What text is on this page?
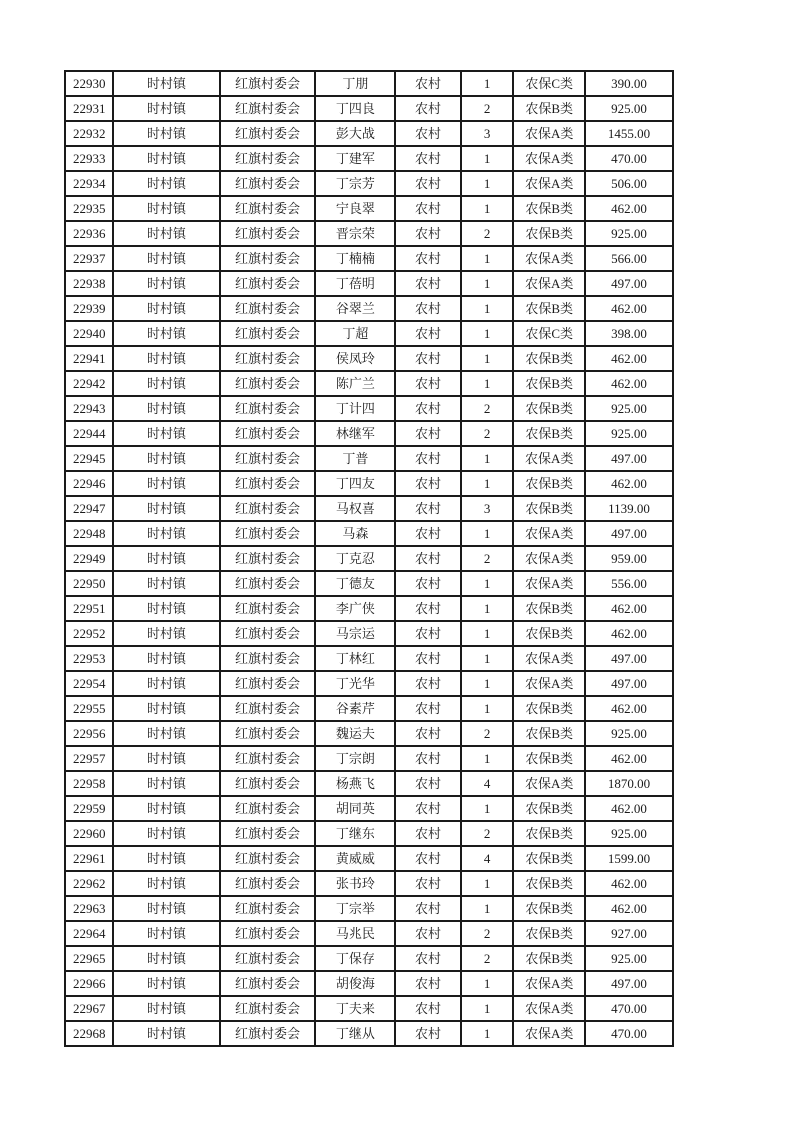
22930	时村镇	红旗村委会	丁朋	农村	1	农保C类	390.00
22931	时村镇	红旗村委会	丁四良	农村	2	农保B类	925.00
22932	时村镇	红旗村委会	彭大战	农村	3	农保A类	1455.00
22933	时村镇	红旗村委会	丁建军	农村	1	农保A类	470.00
22934	时村镇	红旗村委会	丁宗芳	农村	1	农保A类	506.00
22935	时村镇	红旗村委会	宁良翠	农村	1	农保B类	462.00
22936	时村镇	红旗村委会	晋宗荣	农村	2	农保B类	925.00
22937	时村镇	红旗村委会	丁楠楠	农村	1	农保A类	566.00
22938	时村镇	红旗村委会	丁蓓明	农村	1	农保A类	497.00
22939	时村镇	红旗村委会	谷翠兰	农村	1	农保B类	462.00
22940	时村镇	红旗村委会	丁超	农村	1	农保C类	398.00
22941	时村镇	红旗村委会	侯凤玲	农村	1	农保B类	462.00
22942	时村镇	红旗村委会	陈广兰	农村	1	农保B类	462.00
22943	时村镇	红旗村委会	丁计四	农村	2	农保B类	925.00
22944	时村镇	红旗村委会	林继军	农村	2	农保B类	925.00
22945	时村镇	红旗村委会	丁普	农村	1	农保A类	497.00
22946	时村镇	红旗村委会	丁四友	农村	1	农保B类	462.00
22947	时村镇	红旗村委会	马权喜	农村	3	农保B类	1139.00
22948	时村镇	红旗村委会	马森	农村	1	农保A类	497.00
22949	时村镇	红旗村委会	丁克忍	农村	2	农保A类	959.00
22950	时村镇	红旗村委会	丁德友	农村	1	农保A类	556.00
22951	时村镇	红旗村委会	李广侠	农村	1	农保B类	462.00
22952	时村镇	红旗村委会	马宗运	农村	1	农保B类	462.00
22953	时村镇	红旗村委会	丁林红	农村	1	农保A类	497.00
22954	时村镇	红旗村委会	丁光华	农村	1	农保A类	497.00
22955	时村镇	红旗村委会	谷素芹	农村	1	农保B类	462.00
22956	时村镇	红旗村委会	魏运夫	农村	2	农保B类	925.00
22957	时村镇	红旗村委会	丁宗朗	农村	1	农保B类	462.00
22958	时村镇	红旗村委会	杨燕飞	农村	4	农保A类	1870.00
22959	时村镇	红旗村委会	胡同英	农村	1	农保B类	462.00
22960	时村镇	红旗村委会	丁继东	农村	2	农保B类	925.00
22961	时村镇	红旗村委会	黄威威	农村	4	农保B类	1599.00
22962	时村镇	红旗村委会	张书玲	农村	1	农保B类	462.00
22963	时村镇	红旗村委会	丁宗举	农村	1	农保B类	462.00
22964	时村镇	红旗村委会	马兆民	农村	2	农保B类	927.00
22965	时村镇	红旗村委会	丁保存	农村	2	农保B类	925.00
22966	时村镇	红旗村委会	胡俊海	农村	1	农保A类	497.00
22967	时村镇	红旗村委会	丁夫来	农村	1	农保A类	470.00
22968	时村镇	红旗村委会	丁继从	农村	1	农保A类	470.00
